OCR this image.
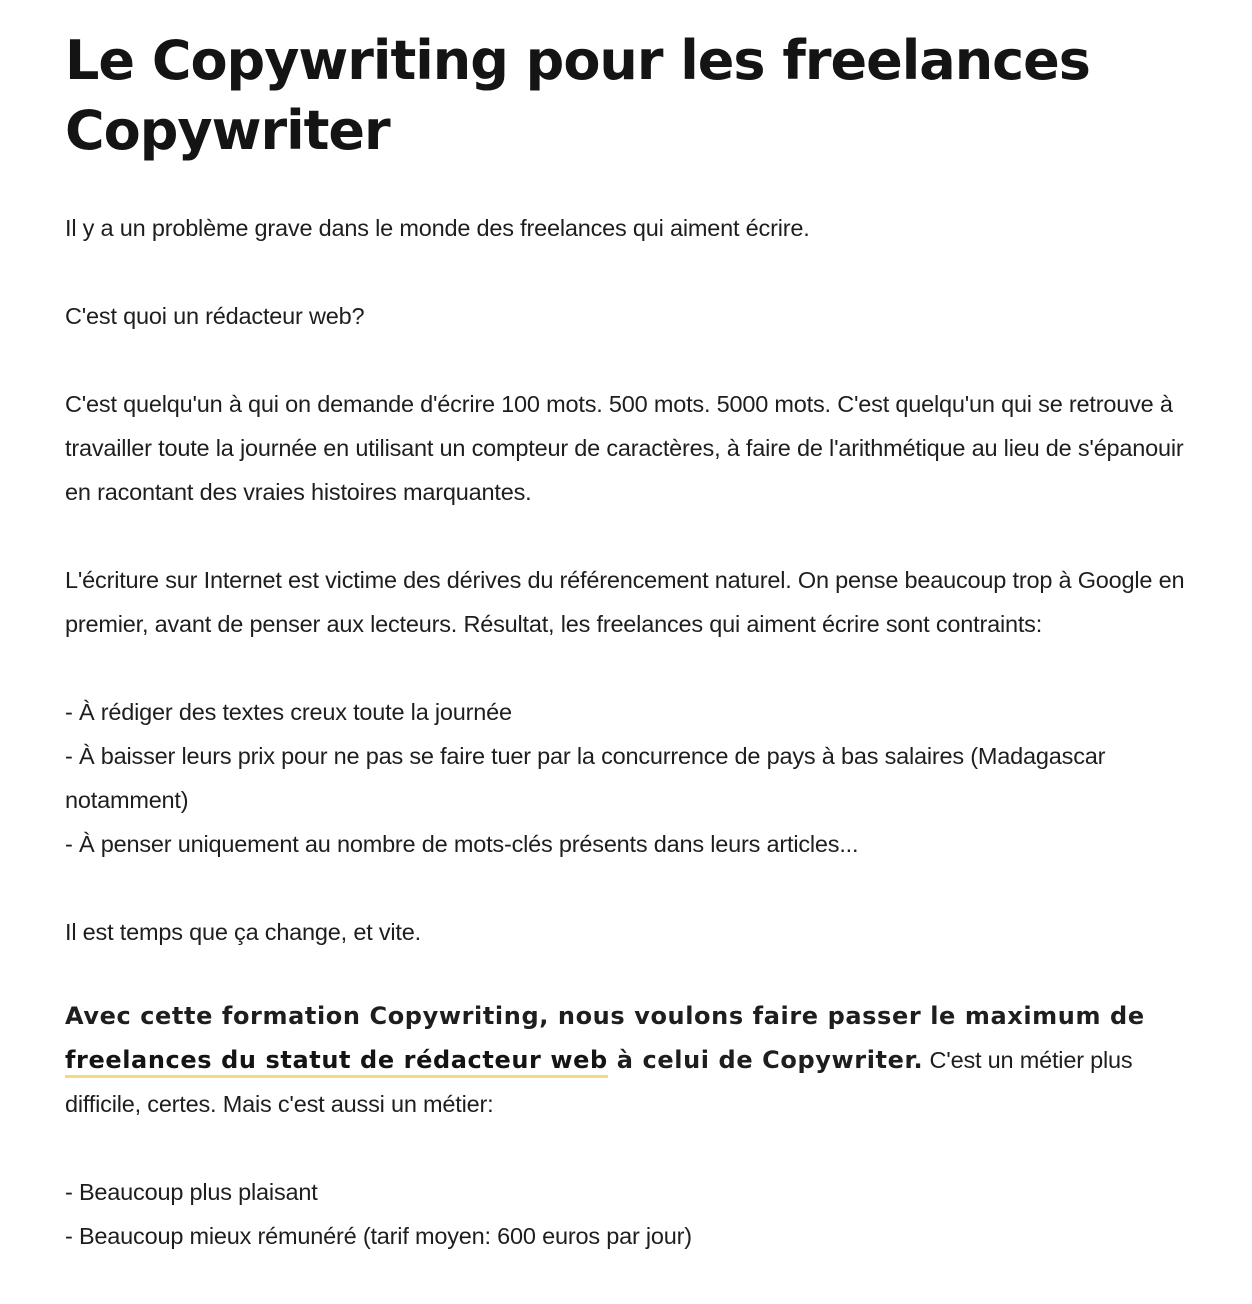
Le Copywriting pour les freelances Copywriter

Il y a un problème grave dans le monde des freelances qui aiment écrire.

C'est quoi un rédacteur web?

C'est quelqu'un à qui on demande d'écrire 100 mots. 500 mots. 5000 mots. C'est quelqu'un qui se retrouve à travailler toute la journée en utilisant un compteur de caractères, à faire de l'arithmétique au lieu de s'épanouir en racontant des vraies histoires marquantes.

L'écriture sur Internet est victime des dérives du référencement naturel. On pense beaucoup trop à Google en premier, avant de penser aux lecteurs. Résultat, les freelances qui aiment écrire sont contraints:

- À rédiger des textes creux toute la journée
- À baisser leurs prix pour ne pas se faire tuer par la concurrence de pays à bas salaires (Madagascar notamment)
- À penser uniquement au nombre de mots-clés présents dans leurs articles...

Il est temps que ça change, et vite.

Avec cette formation Copywriting, nous voulons faire passer le maximum de freelances du statut de rédacteur web à celui de Copywriter. C'est un métier plus difficile, certes. Mais c'est aussi un métier:

- Beaucoup plus plaisant
- Beaucoup mieux rémunéré (tarif moyen: 600 euros par jour)
